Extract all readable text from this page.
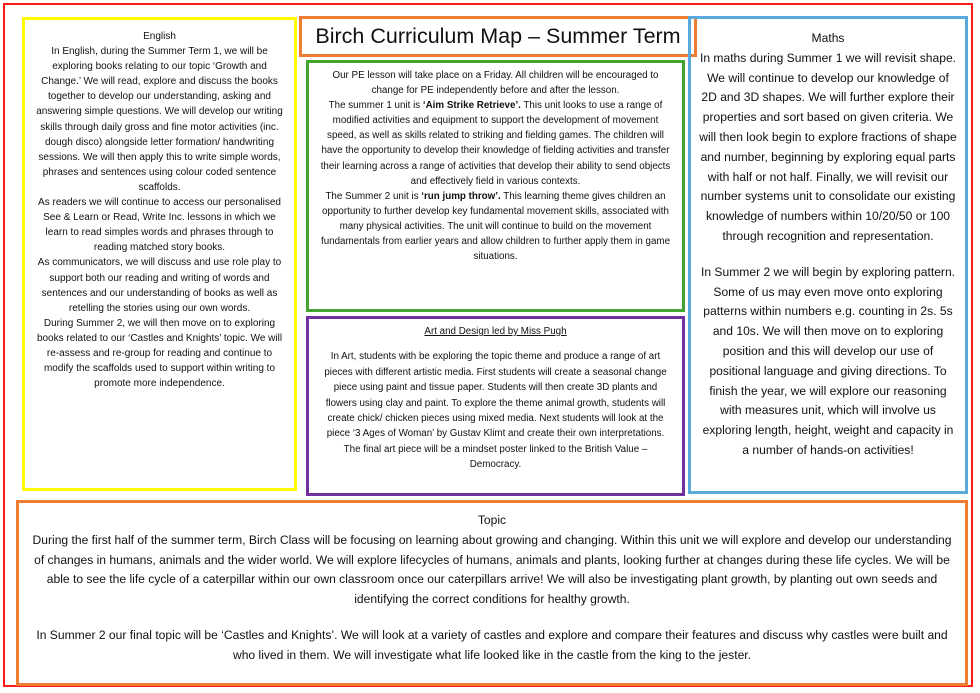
English

In English, during the Summer Term 1, we will be exploring books relating to our topic ‘Growth and Change.’ We will read, explore and discuss the books together to develop our understanding, asking and answering simple questions. We will develop our writing skills through daily gross and fine motor activities (inc. dough disco) alongside letter formation/ handwriting sessions. We will then apply this to write simple words, phrases and sentences using colour coded sentence scaffolds.

As readers we will continue to access our personalised See & Learn or Read, Write Inc. lessons in which we learn to read simples words and phrases through to reading matched story books.

As communicators, we will discuss and use role play to support both our reading and writing of words and sentences and our understanding of books as well as retelling the stories using our own words.

During Summer 2, we will then move on to exploring books related to our ‘Castles and Knights’ topic. We will re-assess and re-group for reading and continue to modify the scaffolds used to support within writing to promote more independence.

Birch Curriculum Map – Summer Term

Our PE lesson will take place on a Friday. All children will be encouraged to change for PE independently before and after the lesson.

The summer 1 unit is ‘Aim Strike Retrieve’. This unit looks to use a range of modified activities and equipment to support the development of movement speed, as well as skills related to striking and fielding games. The children will have the opportunity to develop their knowledge of fielding activities and transfer their learning across a range of activities that develop their ability to send objects and effectively field in various contexts.

The Summer 2 unit is ‘run jump throw’. This learning theme gives children an opportunity to further develop key fundamental movement skills, associated with many physical activities. The unit will continue to build on the movement fundamentals from earlier years and allow children to further apply them in game situations.

Art and Design led by Miss Pugh

In Art, students with be exploring the topic theme and produce a range of art pieces with different artistic media. First students will create a seasonal change piece using paint and tissue paper. Students will then create 3D plants and flowers using clay and paint. To explore the theme animal growth, students will create chick/ chicken pieces using mixed media. Next students will look at the piece ‘3 Ages of Woman’ by Gustav Klimt and create their own interpretations. The final art piece will be a mindset poster linked to the British Value – Democracy.

Maths

In maths during Summer 1 we will revisit shape. We will continue to develop our knowledge of 2D and 3D shapes. We will further explore their properties and sort based on given criteria. We will then look begin to explore fractions of shape and number, beginning by exploring equal parts with half or not half. Finally, we will revisit our number systems unit to consolidate our existing knowledge of numbers within 10/20/50 or 100 through recognition and representation.

In Summer 2 we will begin by exploring pattern. Some of us may even move onto exploring patterns within numbers e.g. counting in 2s. 5s and 10s. We will then move on to exploring position and this will develop our use of positional language and giving directions. To finish the year, we will explore our reasoning with measures unit, which will involve us exploring length, height, weight and capacity in a number of hands-on activities!

Topic

During the first half of the summer term, Birch Class will be focusing on learning about growing and changing. Within this unit we will explore and develop our understanding of changes in humans, animals and the wider world. We will explore lifecycles of humans, animals and plants, looking further at changes during these life cycles. We will be able to see the life cycle of a caterpillar within our own classroom once our caterpillars arrive! We will also be investigating plant growth, by planting out own seeds and identifying the correct conditions for healthy growth.

In Summer 2 our final topic will be ‘Castles and Knights’. We will look at a variety of castles and explore and compare their features and discuss why castles were built and who lived in them. We will investigate what life looked like in the castle from the king to the jester.
